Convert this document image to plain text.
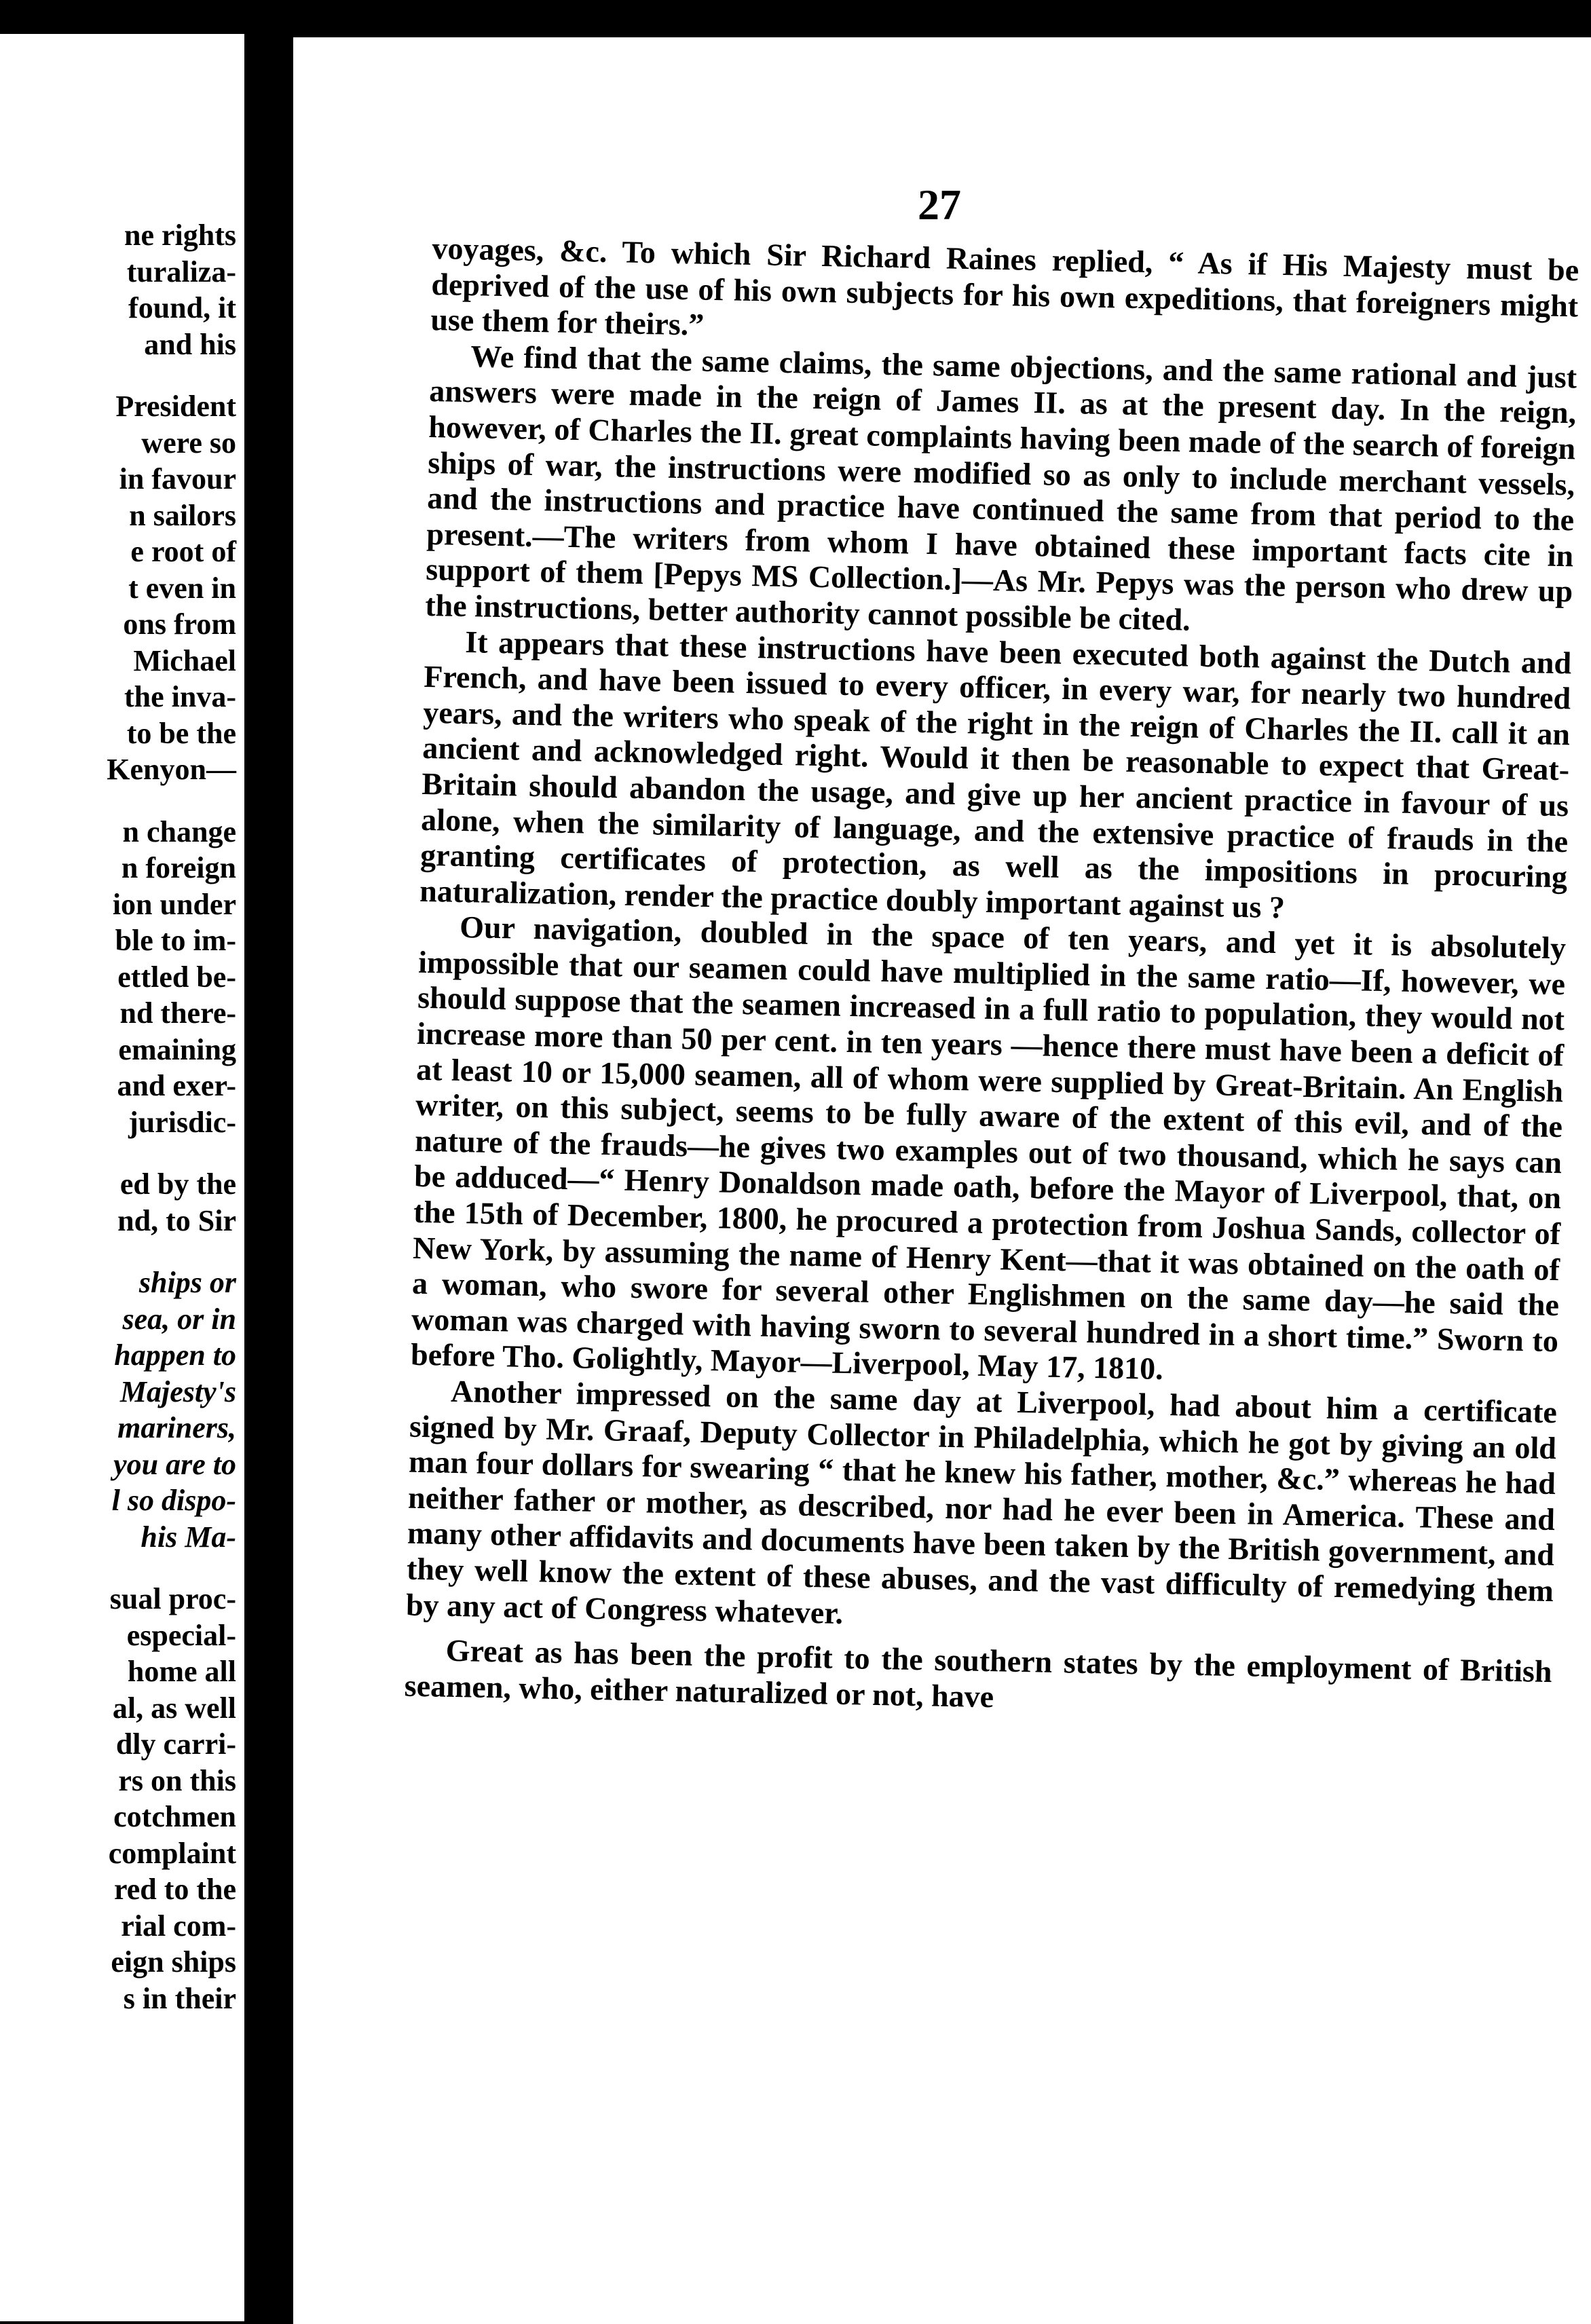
ne rights
turaliza-
found, it
and his
President
were so
in favour
n sailors
e root of
t even in
ons from
Michael
the inva-
to be the
Kenyon—
n change
n foreign
ion under
ble to im-
ettled be-
nd there-
emaining
and exer-
jurisdic-
ed by the
nd, to Sir
ships or
sea, or in
happen to
Majesty's
mariners,
you are to
l so dispo-
his Ma-
sual proc-
especial-
home all
al, as well
dly carri-
rs on this
cotchmen
complaint
red to the
rial com-
eign ships
s in their
27

voyages, &c. To which Sir Richard Raines replied, “ As if His Majesty must be deprived of the use of his own subjects for his own expeditions, that foreigners might use them for theirs.”

We find that the same claims, the same objections, and the same rational and just answers were made in the reign of James II. as at the present day. In the reign, however, of Charles the II. great complaints having been made of the search of foreign ships of war, the instructions were modified so as only to include merchant vessels, and the instructions and practice have continued the same from that period to the present.—The writers from whom I have obtained these important facts cite in support of them [Pepys MS Collection.]—As Mr. Pepys was the person who drew up the instructions, better authority cannot possible be cited.

It appears that these instructions have been executed both against the Dutch and French, and have been issued to every officer, in every war, for nearly two hundred years, and the writers who speak of the right in the reign of Charles the II. call it an ancient and acknowledged right. Would it then be reasonable to expect that Great-Britain should abandon the usage, and give up her ancient practice in favour of us alone, when the similarity of language, and the extensive practice of frauds in the granting certificates of protection, as well as the impositions in procuring naturalization, render the practice doubly important against us ?

Our navigation, doubled in the space of ten years, and yet it is absolutely impossible that our seamen could have multiplied in the same ratio—If, however, we should suppose that the seamen increased in a full ratio to population, they would not increase more than 50 per cent. in ten years —hence there must have been a deficit of at least 10 or 15,000 seamen, all of whom were supplied by Great-Britain. An English writer, on this subject, seems to be fully aware of the extent of this evil, and of the nature of the frauds—he gives two examples out of two thousand, which he says can be adduced—“ Henry Donaldson made oath, before the Mayor of Liverpool, that, on the 15th of December, 1800, he procured a protection from Joshua Sands, collector of New York, by assuming the name of Henry Kent—that it was obtained on the oath of a woman, who swore for several other Englishmen on the same day—he said the woman was charged with having sworn to several hundred in a short time.” Sworn to before Tho. Golightly, Mayor—Liverpool, May 17, 1810.

Another impressed on the same day at Liverpool, had about him a certificate signed by Mr. Graaf, Deputy Collector in Philadelphia, which he got by giving an old man four dollars for swearing “ that he knew his father, mother, &c.” whereas he had neither father or mother, as described, nor had he ever been in America. These and many other affidavits and documents have been taken by the British government, and they well know the extent of these abuses, and the vast difficulty of remedying them by any act of Congress whatever.

Great as has been the profit to the southern states by the employment of British seamen, who, either naturalized or not, have
